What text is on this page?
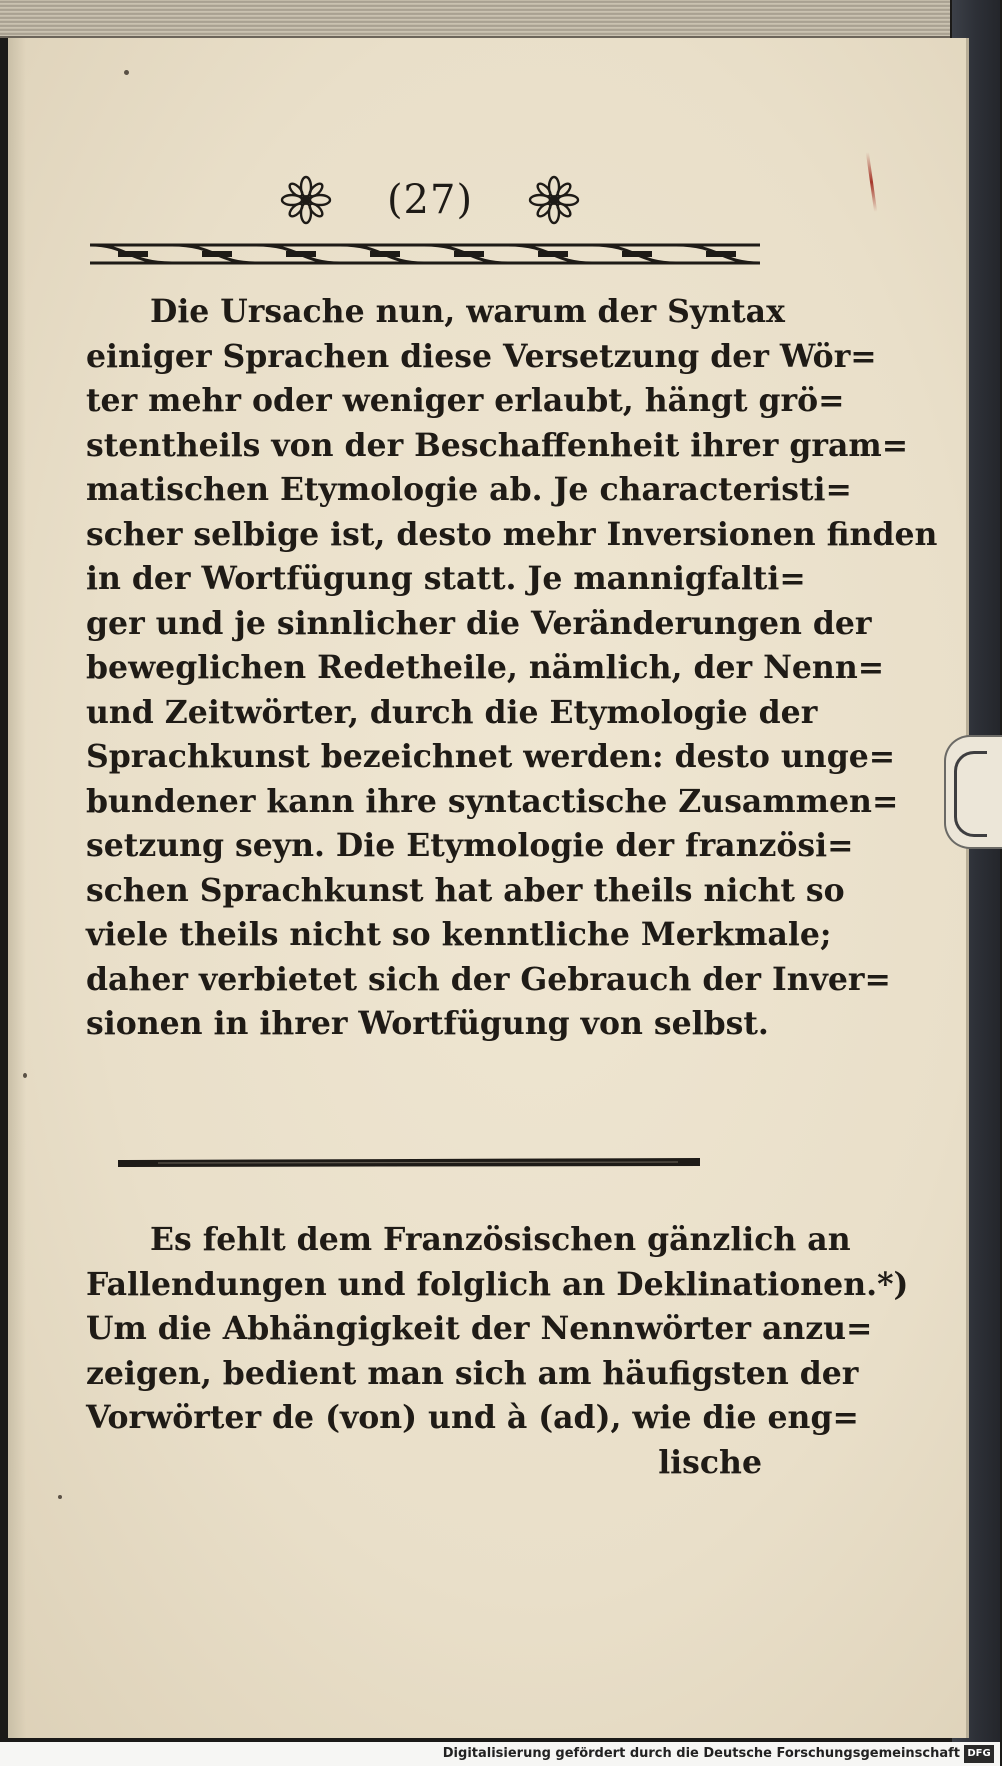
(27)
Die Ursache nun, warum der Syntax
einiger Sprachen diese Versetzung der Wör=
ter mehr oder weniger erlaubt, hängt grö=
stentheils von der Beschaffenheit ihrer gram=
matischen Etymologie ab. Je characteristi=
scher selbige ist, desto mehr Inversionen finden
in der Wortfügung statt. Je mannigfalti=
ger und je sinnlicher die Veränderungen der
beweglichen Redetheile, nämlich, der Nenn=
und Zeitwörter, durch die Etymologie der
Sprachkunst bezeichnet werden: desto unge=
bundener kann ihre syntactische Zusammen=
setzung seyn. Die Etymologie der französi=
schen Sprachkunst hat aber theils nicht so
viele theils nicht so kenntliche Merkmale;
daher verbietet sich der Gebrauch der Inver=
sionen in ihrer Wortfügung von selbst.
Es fehlt dem Französischen gänzlich an
Fallendungen und folglich an Deklinationen.*)
Um die Abhängigkeit der Nennwörter anzu=
zeigen, bedient man sich am häufigsten der
Vorwörter de (von) und à (ad), wie die eng=
lische
Digitalisierung gefördert durch die Deutsche Forschungsgemeinschaft DFG
